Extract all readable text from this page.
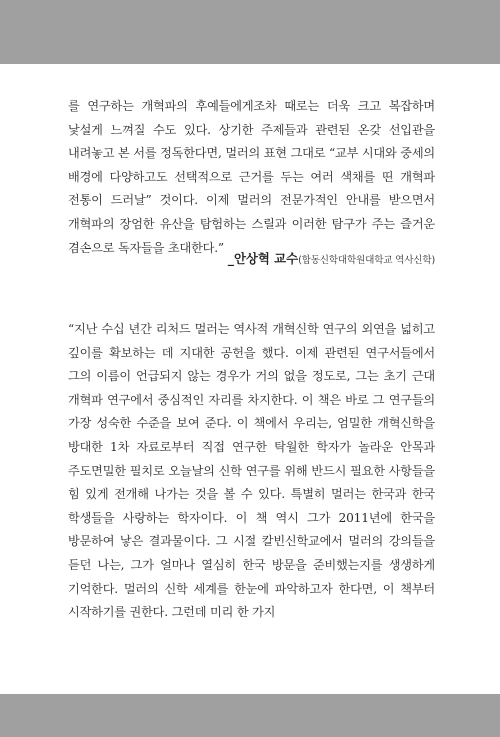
를 연구하는 개혁파의 후예들에게조차 때로는 더욱 크고 복잡하며 낯설게 느껴질 수도 있다. 상기한 주제들과 관련된 온갖 선입관을 내려놓고 본 서를 정독한다면, 멀러의 표현 그대로 “교부 시대와 중세의 배경에 다양하고도 선택적으로 근거를 두는 여러 색채를 띤 개혁파 전통이 드러날” 것이다. 이제 멀러의 전문가적인 안내를 받으면서 개혁파의 장엄한 유산을 탐험하는 스릴과 이러한 탐구가 주는 즐거운 겸손으로 독자들을 초대한다.”

_안상혁 교수(합동신학대학원대학교 역사신학)

“지난 수십 년간 리처드 멀러는 역사적 개혁신학 연구의 외연을 넓히고 깊이를 확보하는 데 지대한 공헌을 했다. 이제 관련된 연구서들에서 그의 이름이 언급되지 않는 경우가 거의 없을 정도로, 그는 초기 근대 개혁파 연구에서 중심적인 자리를 차지한다. 이 책은 바로 그 연구들의 가장 성숙한 수준을 보여 준다. 이 책에서 우리는, 엄밀한 개혁신학을 방대한 1차 자료로부터 직접 연구한 탁월한 학자가 놀라운 안목과 주도면밀한 필치로 오늘날의 신학 연구를 위해 반드시 필요한 사항들을 힘 있게 전개해 나가는 것을 볼 수 있다. 특별히 멀러는 한국과 한국 학생들을 사랑하는 학자이다. 이 책 역시 그가 2011년에 한국을 방문하여 낳은 결과물이다. 그 시절 칼빈신학교에서 멀러의 강의들을 듣던 나는, 그가 얼마나 열심히 한국 방문을 준비했는지를 생생하게 기억한다. 멀러의 신학 세계를 한눈에 파악하고자 한다면, 이 책부터 시작하기를 권한다. 그런데 미리 한 가지
